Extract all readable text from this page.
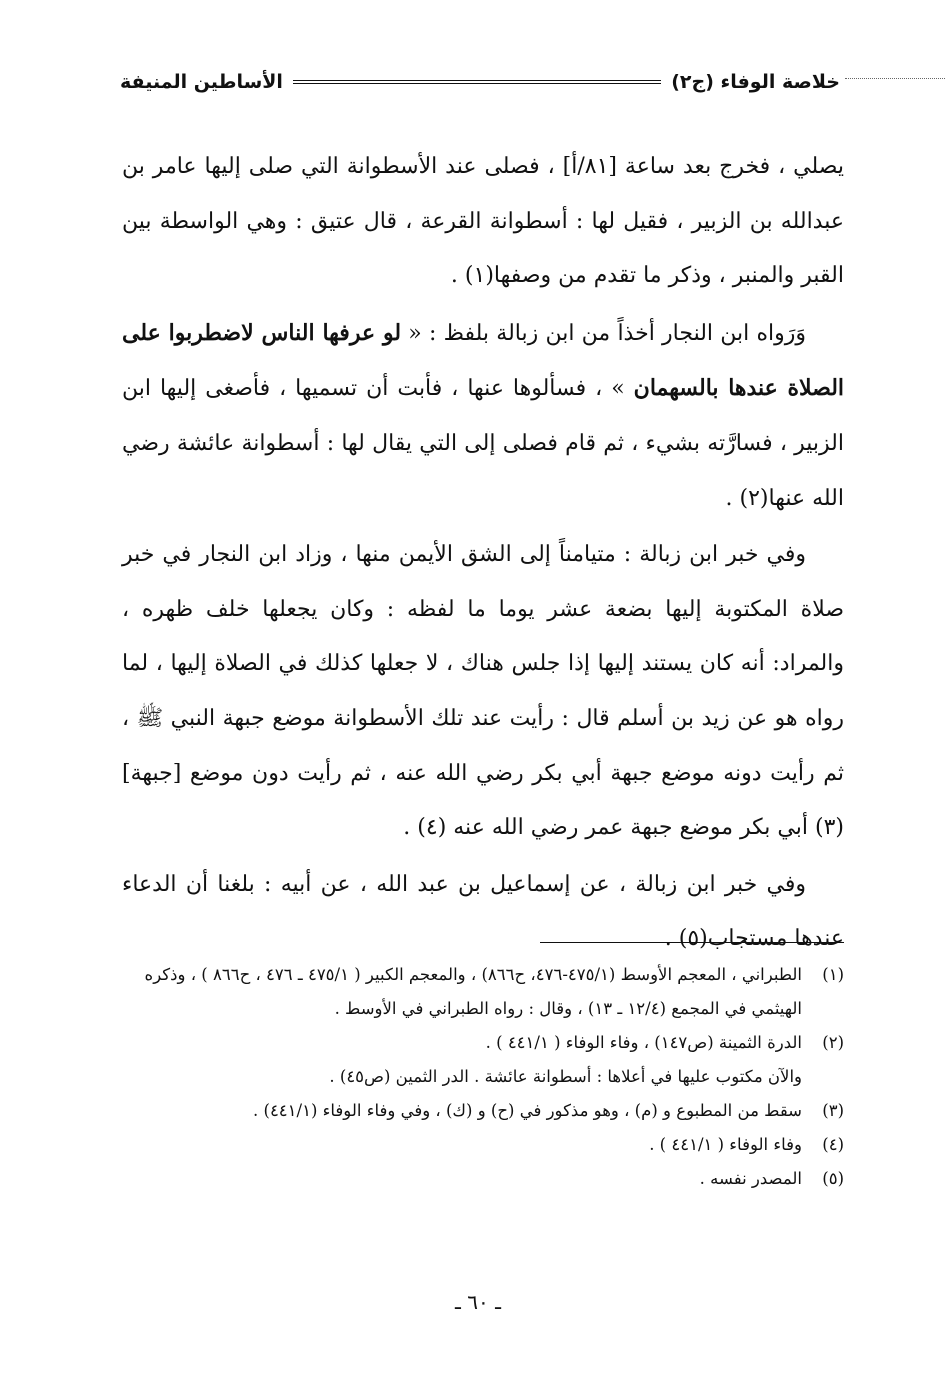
خلاصة الوفاء (ج٢)
الأساطين المنيفة

يصلي ، فخرج بعد ساعة [٨١/أ] ، فصلى عند الأسطوانة التي صلى إليها عامر بن عبدالله بن الزبير ، فقيل لها : أسطوانة القرعة ، قال عتيق : وهي الواسطة بين القبر والمنبر ، وذكر ما تقدم من وصفها(١) .

وَرَواه ابن النجار أخذاً من ابن زبالة بلفظ : « لو عرفها الناس لاضطربوا على الصلاة عندها بالسهمان » ، فسألوها عنها ، فأبت أن تسميها ، فأصغى إليها ابن الزبير ، فسارَّته بشيء ، ثم قام فصلى إلى التي يقال لها : أسطوانة عائشة رضي الله عنها(٢) .

وفي خبر ابن زبالة : متيامناً إلى الشق الأيمن منها ، وزاد ابن النجار في خبر صلاة المكتوبة إليها بضعة عشر يوما ما لفظه : وكان يجعلها خلف ظهره ، والمراد: أنه كان يستند إليها إذا جلس هناك ، لا جعلها كذلك في الصلاة إليها ، لما رواه هو عن زيد بن أسلم قال : رأيت عند تلك الأسطوانة موضع جبهة النبي ﷺ ، ثم رأيت دونه موضع جبهة أبي بكر رضي الله عنه ، ثم رأيت دون موضع [جبهة](٣) أبي بكر موضع جبهة عمر رضي الله عنه (٤) .

وفي خبر ابن زبالة ، عن إسماعيل بن عبد الله ، عن أبيه : بلغنا أن الدعاء عندها مستجاب(٥) .

(١)
الطبراني ، المعجم الأوسط (٤٧٥/١-٤٧٦، ح٨٦٦) ، والمعجم الكبير ( ٤٧٥/١ ـ ٤٧٦ ، ح٨٦٦ ) ، وذكره الهيثمي في المجمع (١٢/٤ ـ ١٣) ، وقال : رواه الطبراني في الأوسط .
(٢)
الدرة الثمينة (ص١٤٧) ، وفاء الوفاء ( ٤٤١/١ ) .
والآن مكتوب عليها في أعلاها : أسطوانة عائشة . الدر الثمين (ص٤٥) .
(٣)
سقط من المطبوع و (م) ، وهو مذكور في (ح) و (ك) ، وفي وفاء الوفاء (٤٤١/١) .
(٤)
وفاء الوفاء ( ٤٤١/١ ) .
(٥)
المصدر نفسه .
ـ ٦٠ ـ
